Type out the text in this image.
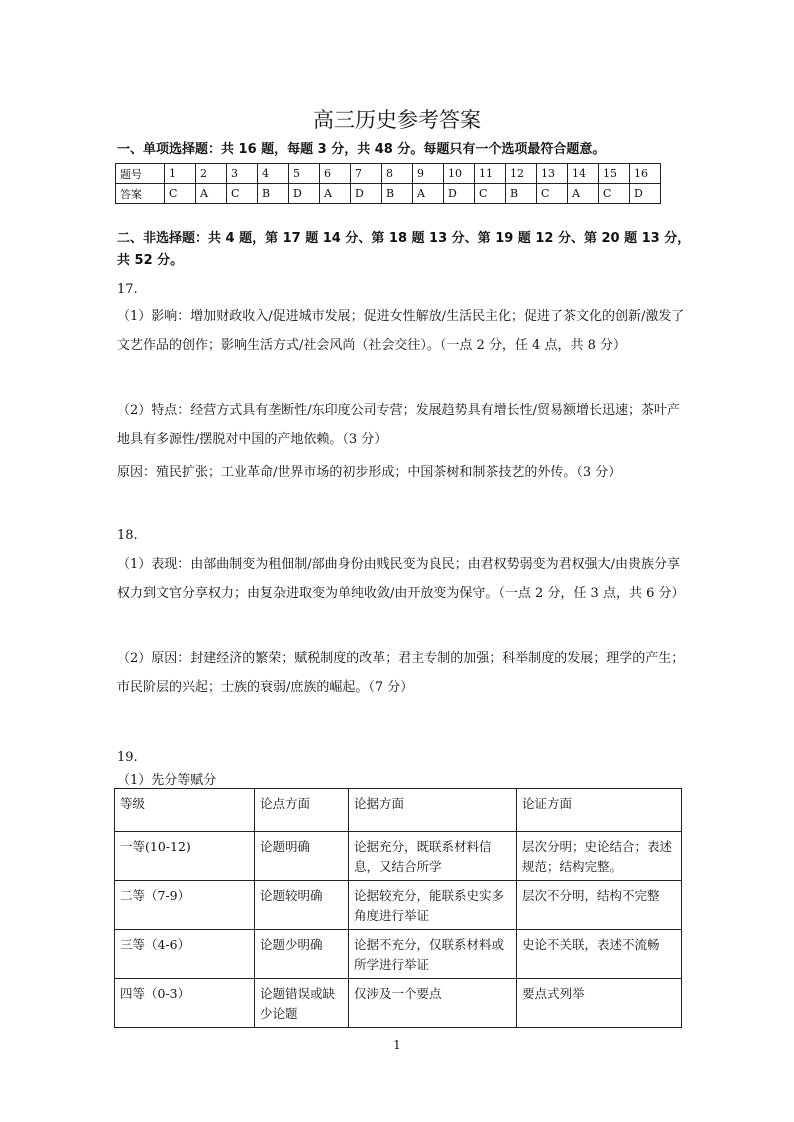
高三历史参考答案
一、单项选择题：共 16 题，每题 3 分，共 48 分。每题只有一个选项最符合题意。
题号	1	2	3	4	5	6	7	8	9	10	11	12	13	14	15	16
答案	C	A	C	B	D	A	D	B	A	D	C	B	C	A	C	D
二、非选择题：共 4 题，第 17 题 14 分、第 18 题 13 分、第 19 题 12 分、第 20 题 13 分，
共 52 分。
17.
（1）影响：增加财政收入/促进城市发展；促进女性解放/生活民主化；促进了茶文化的创新/激发了文艺作品的创作；影响生活方式/社会风尚（社会交往）。（一点 2 分，任 4 点，共 8 分）
（2）特点：经营方式具有垄断性/东印度公司专营；发展趋势具有增长性/贸易额增长迅速；茶叶产地具有多源性/摆脱对中国的产地依赖。（3 分）
原因：殖民扩张；工业革命/世界市场的初步形成；中国茶树和制茶技艺的外传。（3 分）
18.
（1）表现：由部曲制变为租佃制/部曲身份由贱民变为良民；由君权势弱变为君权强大/由贵族分享权力到文官分享权力；由复杂进取变为单纯收敛/由开放变为保守。（一点 2 分，任 3 点，共 6 分）
（2）原因：封建经济的繁荣；赋税制度的改革；君主专制的加强；科举制度的发展；理学的产生；市民阶层的兴起；士族的衰弱/庶族的崛起。（7 分）
19.
（1）先分等赋分
等级	论点方面	论据方面	论证方面
一等(10-12)	论题明确	论据充分，既联系材料信息，又结合所学	层次分明；史论结合；表述规范；结构完整。
二等（7-9）	论题较明确	论据较充分，能联系史实多角度进行举证	层次不分明，结构不完整
三等（4-6）	论题少明确	论据不充分，仅联系材料或所学进行举证	史论不关联，表述不流畅
四等（0-3）	论题错误或缺少论题	仅涉及一个要点	要点式列举
1
